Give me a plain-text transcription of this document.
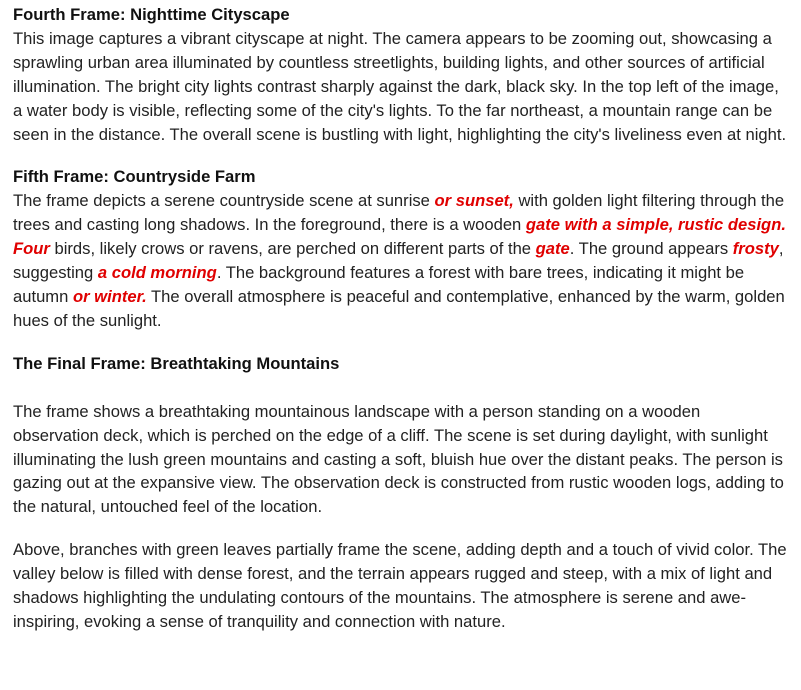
Fourth Frame: Nighttime Cityscape

This image captures a vibrant cityscape at night. The camera appears to be zooming out, showcasing a sprawling urban area illuminated by countless streetlights, building lights, and other sources of artificial illumination. The bright city lights contrast sharply against the dark, black sky. In the top left of the image, a water body is visible, reflecting some of the city's lights. To the far northeast, a mountain range can be seen in the distance. The overall scene is bustling with light, highlighting the city's liveliness even at night.

Fifth Frame: Countryside Farm

The frame depicts a serene countryside scene at sunrise or sunset, with golden light filtering through the trees and casting long shadows. In the foreground, there is a wooden gate with a simple, rustic design. Four birds, likely crows or ravens, are perched on different parts of the gate. The ground appears frosty, suggesting a cold morning. The background features a forest with bare trees, indicating it might be autumn or winter. The overall atmosphere is peaceful and contemplative, enhanced by the warm, golden hues of the sunlight.

The Final Frame: Breathtaking Mountains

The frame shows a breathtaking mountainous landscape with a person standing on a wooden observation deck, which is perched on the edge of a cliff. The scene is set during daylight, with sunlight illuminating the lush green mountains and casting a soft, bluish hue over the distant peaks. The person is gazing out at the expansive view. The observation deck is constructed from rustic wooden logs, adding to the natural, untouched feel of the location.

Above, branches with green leaves partially frame the scene, adding depth and a touch of vivid color. The valley below is filled with dense forest, and the terrain appears rugged and steep, with a mix of light and shadows highlighting the undulating contours of the mountains. The atmosphere is serene and awe-inspiring, evoking a sense of tranquility and connection with nature.
